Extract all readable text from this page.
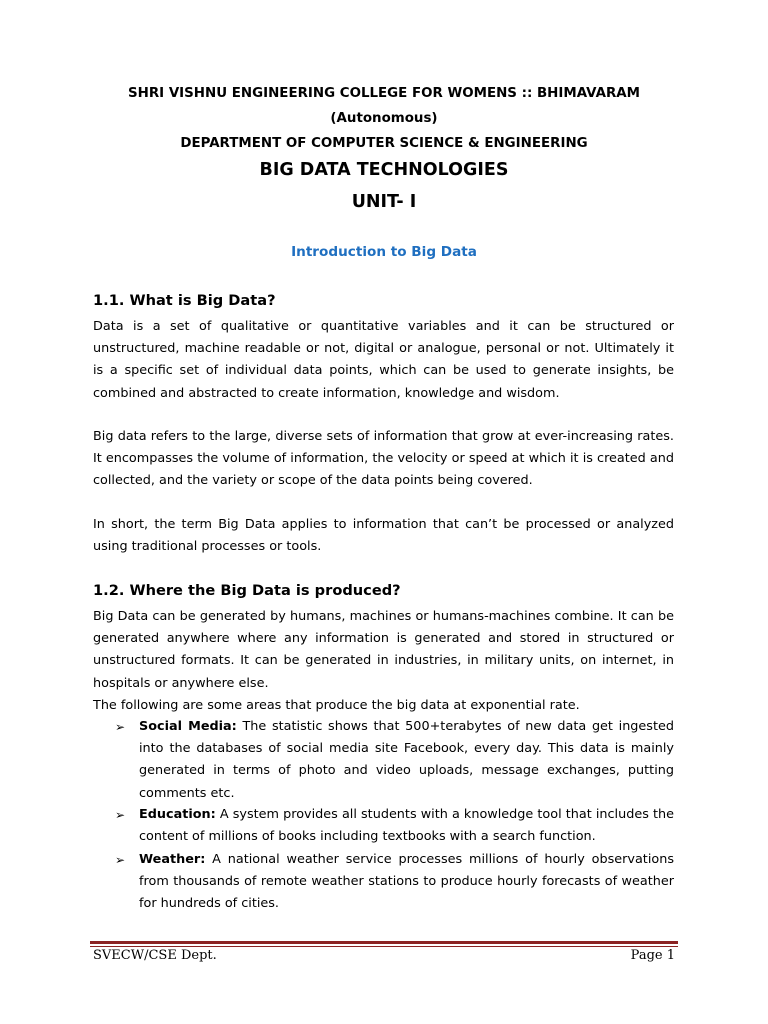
SHRI VISHNU ENGINEERING COLLEGE FOR WOMENS :: BHIMAVARAM
(Autonomous)
DEPARTMENT OF COMPUTER SCIENCE & ENGINEERING
BIG DATA TECHNOLOGIES
UNIT- I
Introduction to Big Data
1.1. What is Big Data?
Data is a set of qualitative or quantitative variables and it can be structured or unstructured, machine readable or not, digital or analogue, personal or not. Ultimately it is a specific set of individual data points, which can be used to generate insights, be combined and abstracted to create information, knowledge and wisdom.
Big data refers to the large, diverse sets of information that grow at ever-increasing rates. It encompasses the volume of information, the velocity or speed at which it is created and collected, and the variety or scope of the data points being covered.
In short, the term Big Data applies to information that can’t be processed or analyzed using traditional processes or tools.
1.2. Where the Big Data is produced?
Big Data can be generated by humans, machines or humans-machines combine. It can be generated anywhere where any information is generated and stored in structured or unstructured formats. It can be generated in industries, in military units, on internet, in hospitals or anywhere else.
The following are some areas that produce the big data at exponential rate.
➢ Social Media: The statistic shows that 500+terabytes of new data get ingested into the databases of social media site Facebook, every day. This data is mainly generated in terms of photo and video uploads, message exchanges, putting comments etc.
➢ Education: A system provides all students with a knowledge tool that includes the content of millions of books including textbooks with a search function.
➢ Weather: A national weather service processes millions of hourly observations from thousands of remote weather stations to produce hourly forecasts of weather for hundreds of cities.
SVECW/CSE Dept.	Page 1
